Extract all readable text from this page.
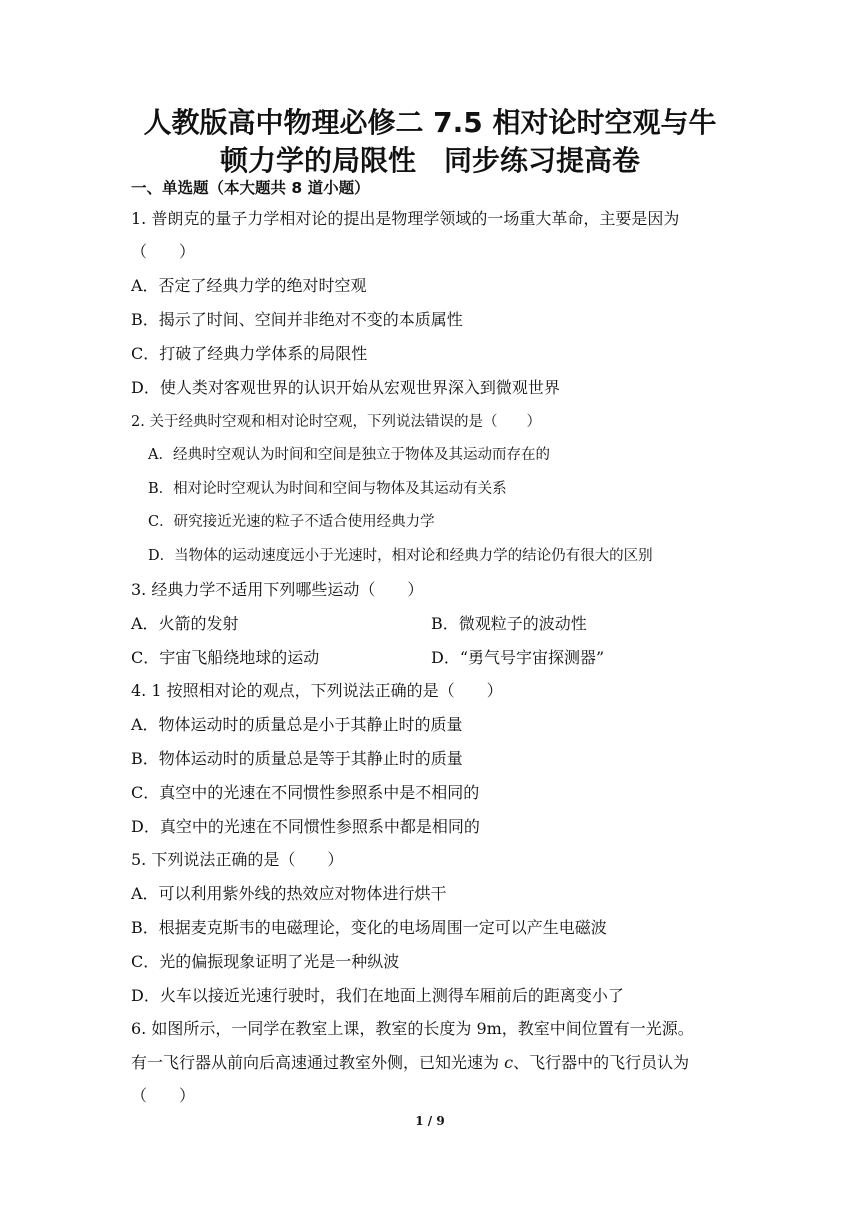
人教版高中物理必修二 7.5 相对论时空观与牛
顿力学的局限性　同步练习提高卷
一、单选题（本大题共 8 道小题）
1. 普朗克的量子力学相对论的提出是物理学领域的一场重大革命，主要是因为
（　　）
A．否定了经典力学的绝对时空观
B．揭示了时间、空间并非绝对不变的本质属性
C．打破了经典力学体系的局限性
D．使人类对客观世界的认识开始从宏观世界深入到微观世界
2. 关于经典时空观和相对论时空观，下列说法错误的是（　　）
A．经典时空观认为时间和空间是独立于物体及其运动而存在的
B．相对论时空观认为时间和空间与物体及其运动有关系
C．研究接近光速的粒子不适合使用经典力学
D．当物体的运动速度远小于光速时，相对论和经典力学的结论仍有很大的区别
3. 经典力学不适用下列哪些运动（　　）
A．火箭的发射	B．微观粒子的波动性
C．宇宙飞船绕地球的运动	D．“勇气号宇宙探测器”
4. 1 按照相对论的观点，下列说法正确的是（　　）
A．物体运动时的质量总是小于其静止时的质量
B．物体运动时的质量总是等于其静止时的质量
C．真空中的光速在不同惯性参照系中是不相同的
D．真空中的光速在不同惯性参照系中都是相同的
5. 下列说法正确的是（　　）
A．可以利用紫外线的热效应对物体进行烘干
B．根据麦克斯韦的电磁理论，变化的电场周围一定可以产生电磁波
C．光的偏振现象证明了光是一种纵波
D．火车以接近光速行驶时，我们在地面上测得车厢前后的距离变小了
6. 如图所示，一同学在教室上课，教室的长度为 9m，教室中间位置有一光源。
有一飞行器从前向后高速通过教室外侧，已知光速为 c、飞行器中的飞行员认为
（　　）
1 / 9
